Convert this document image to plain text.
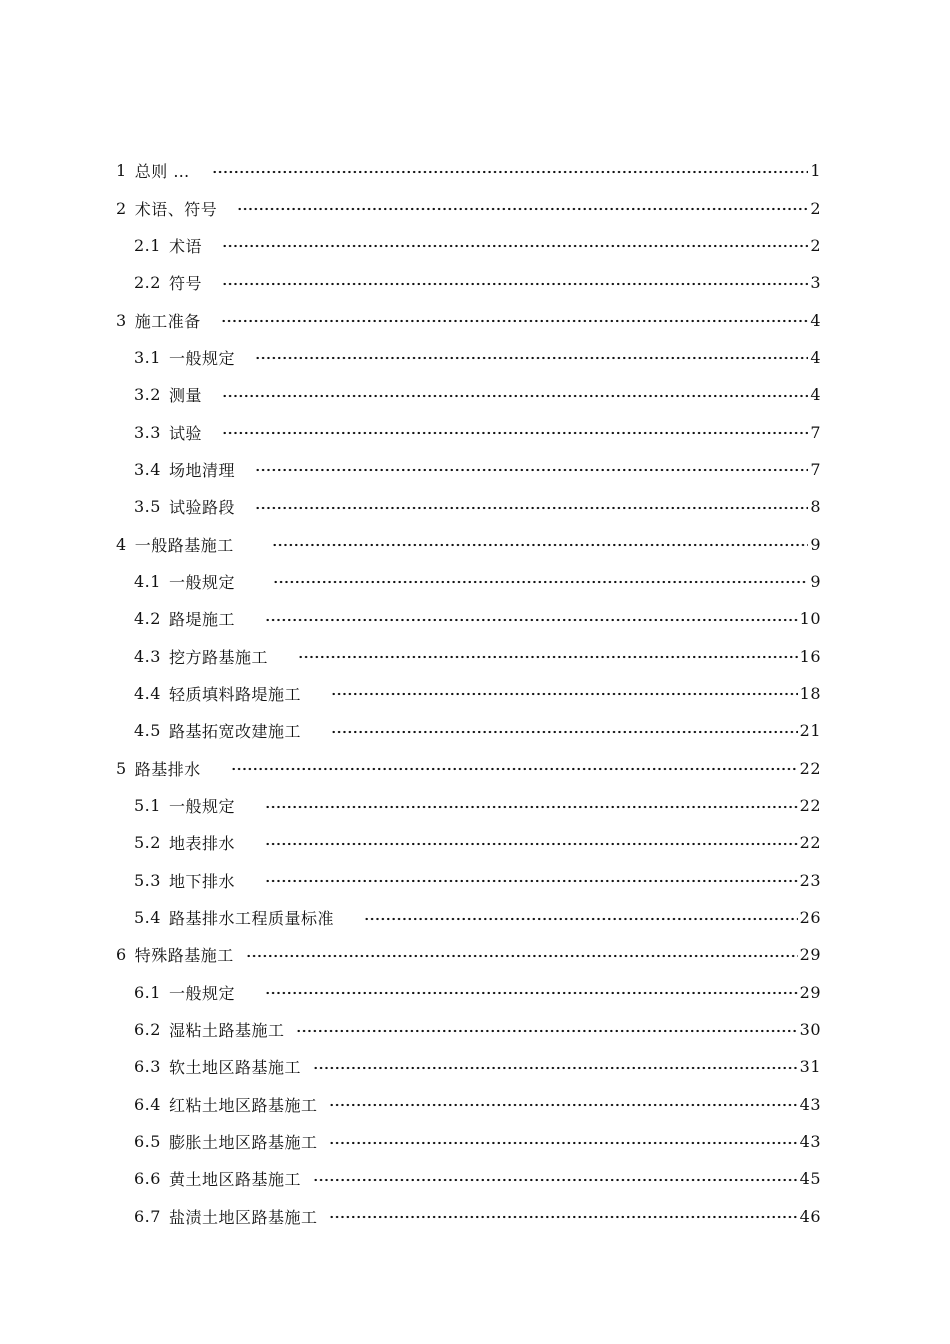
1 总则 …	1
2 术语、符号	2
2.1 术语	2
2.2 符号	3
3 施工准备	4
3.1 一般规定	4
3.2 测量	4
3.3 试验	7
3.4 场地清理	7
3.5 试验路段	8
4 一般路基施工	9
4.1 一般规定	9
4.2 路堤施工	10
4.3 挖方路基施工	16
4.4 轻质填料路堤施工	18
4.5 路基拓宽改建施工	21
5 路基排水	22
5.1 一般规定	22
5.2 地表排水	22
5.3 地下排水	23
5.4 路基排水工程质量标准	26
6 特殊路基施工	29
6.1 一般规定	29
6.2 湿粘土路基施工	30
6.3 软土地区路基施工	31
6.4 红粘土地区路基施工	43
6.5 膨胀土地区路基施工	43
6.6 黄土地区路基施工	45
6.7 盐渍土地区路基施工	46
